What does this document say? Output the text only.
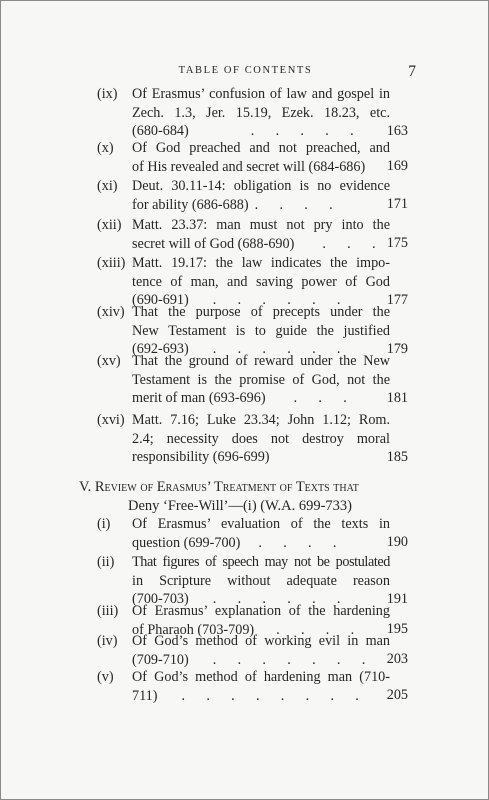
TABLE OF CONTENTS	7
(ix) Of Erasmus’ confusion of law and gospel in
Zech. 1.3, Jer. 15.19, Ezek. 18.23, etc.
(680-684)	.      .      .      .      .	163
(x) Of God preached and not preached, and
of His revealed and secret will (684-686)	169
(xi) Deut. 30.11-14: obligation is no evidence
for ability (686-688) .      .      .      .	171
(xii) Matt. 23.37: man must not pry into the
secret will of God (688-690) .      .      . 175
(xiii) Matt. 19.17: the law indicates the impo-
tence of man, and saving power of God
(690-691) .      .      .      .      .      .	177
(xiv) That the purpose of precepts under the
New Testament is to guide the justified
(692-693) .      .      .      .      .      .	179
(xv) That the ground of reward under the New
Testament is the promise of God, not the
merit of man (693-696) .      .      .	181
(xvi) Matt. 7.16; Luke 23.34; John 1.12; Rom.
2.4; necessity does not destroy moral
responsibility (696-699)	185
V. Review of Erasmus’ Treatment of Texts that
Deny ‘Free-Will’—(i) (W.A. 699-733)
(i) Of Erasmus’ evaluation of the texts in
question (699-700) .      .      .      .	190
(ii) That figures of speech may not be postulated
in Scripture without adequate reason
(700-703) .      .      .      .      .      .	191
(iii) Of Erasmus’ explanation of the hardening
of Pharaoh (703-709) .      .      .      .	195
(iv) Of God’s method of working evil in man
(709-710) .      .      .      .      .      .      .	203
(v) Of God’s method of hardening man (710-
711) .      .      .      .      .      .      .      .	205
